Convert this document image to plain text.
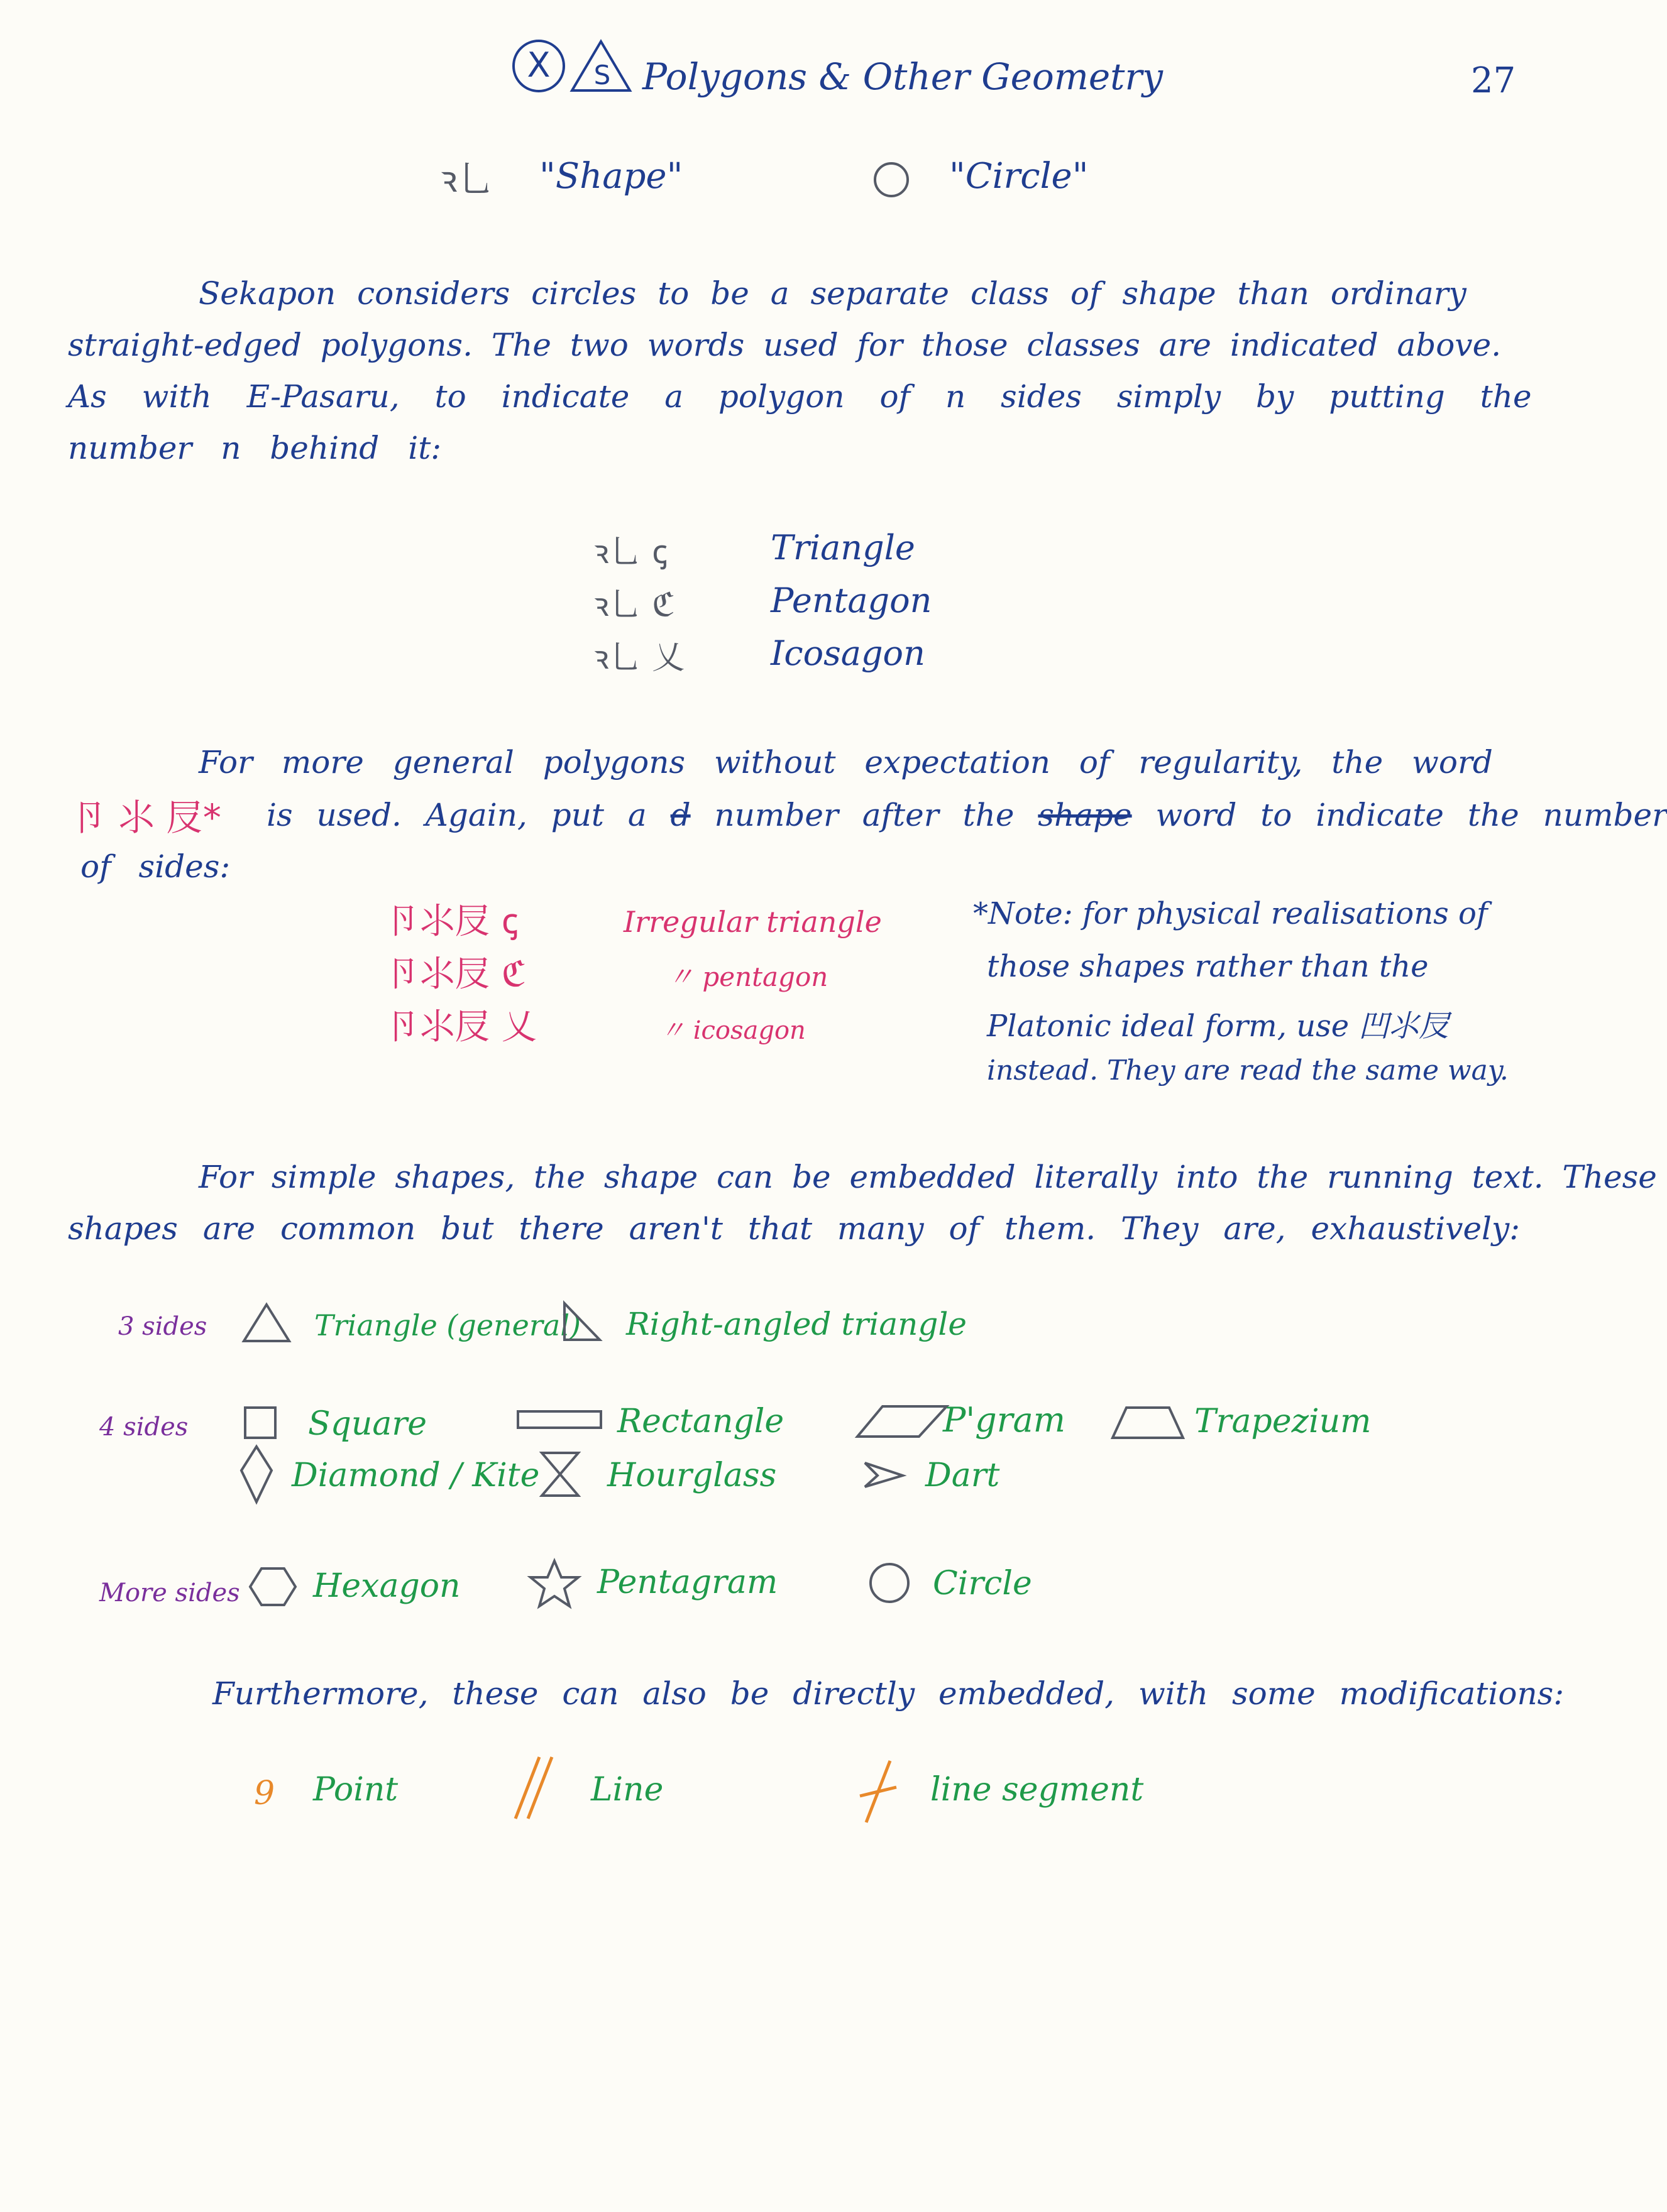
X S Polygons & Other Geometry	27
ꝛ乚 "Shape"	"Circle"
Sekapon considers circles to be a separate class of shape than ordinary
straight-edged polygons. The two words used for those classes are indicated above.
As with E-Pasaru, to indicate a polygon of n sides simply by putting the
number n behind it:
ꝛ乚 ꞔ	Triangle
ꝛ乚 ℭ	Pentagon
ꝛ乚 乂	Icosagon
For more general polygons without expectation of regularity, the word
卪 ⺢ 㞋* is used. Again, put a d number after the shape word to indicate the number
of sides:
卪⺢㞋 ꞔ	Irregular triangle
卪⺢㞋 ℭ	〃 pentagon
卪⺢㞋 乂	〃 icosagon
*Note: for physical realisations of
those shapes rather than the
Platonic ideal form, use 凹⺢㞋
instead. They are read the same way.
For simple shapes, the shape can be embedded literally into the running text. These
shapes are common but there aren't that many of them. They are, exhaustively:
3 sides	Triangle (general) Right-angled triangle
4 sides	Square	Rectangle	P'gram	Trapezium
Diamond / Kite Hourglass	Dart
More sides Hexagon	Pentagram	Circle
Furthermore, these can also be directly embedded, with some modifications:
9 Point	Line	line segment
